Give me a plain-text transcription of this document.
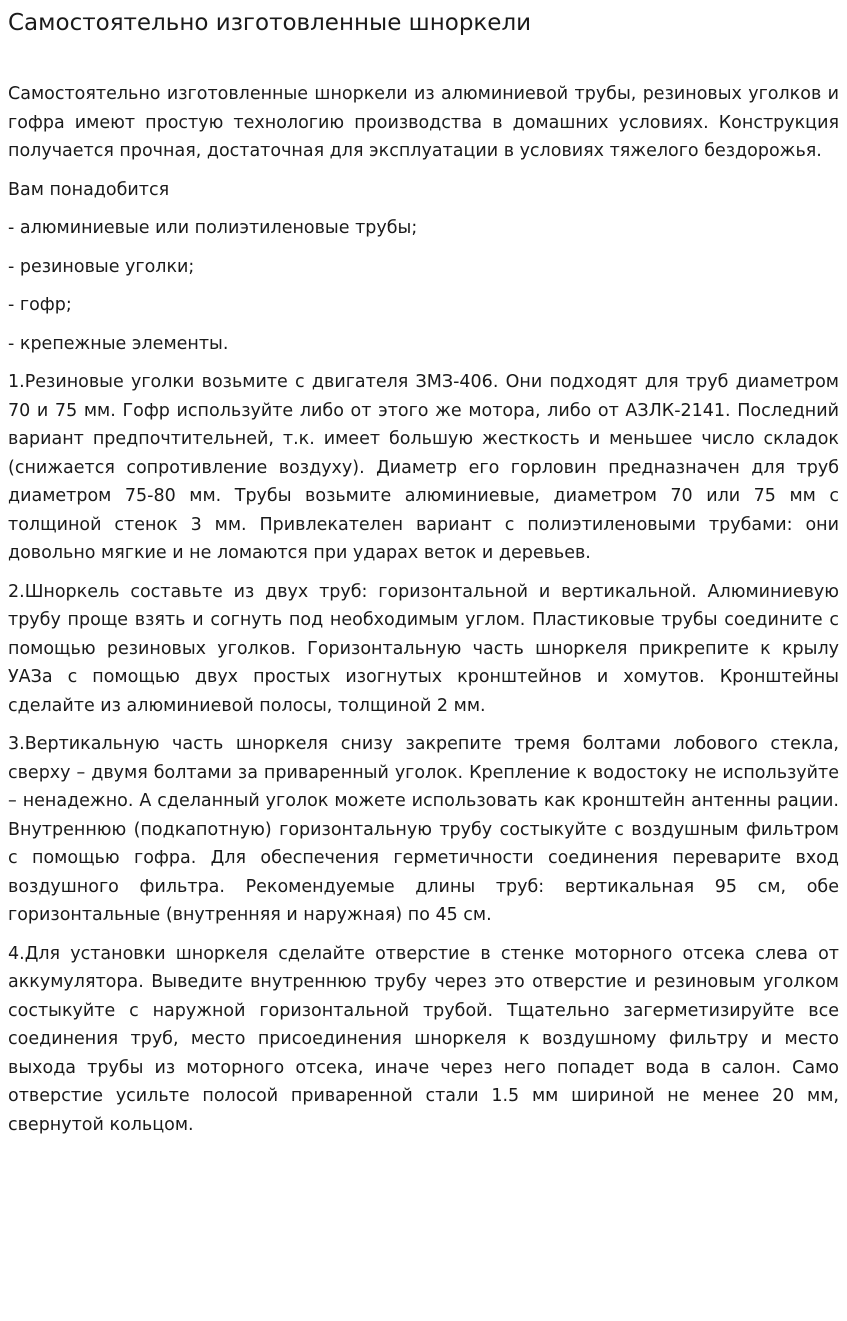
Самостоятельно изготовленные шноркели

Самостоятельно изготовленные шноркели из алюминиевой трубы, резиновых уголков и гофра имеют простую технологию производства в домашних условиях. Конструкция получается прочная, достаточная для эксплуатации в условиях тяжелого бездорожья.

Вам понадобится

- алюминиевые или полиэтиленовые трубы;

- резиновые уголки;

- гофр;

- крепежные элементы.

1.Резиновые уголки возьмите с двигателя ЗМЗ-406. Они подходят для труб диаметром 70 и 75 мм. Гофр используйте либо от этого же мотора, либо от АЗЛК-2141. Последний вариант предпочтительней, т.к. имеет большую жесткость и меньшее число складок (снижается сопротивление воздуху). Диаметр его горловин предназначен для труб диаметром 75-80 мм. Трубы возьмите алюминиевые, диаметром 70 или 75 мм с толщиной стенок 3 мм. Привлекателен вариант с полиэтиленовыми трубами: они довольно мягкие и не ломаются при ударах веток и деревьев.

2.Шноркель составьте из двух труб: горизонтальной и вертикальной. Алюминиевую трубу проще взять и согнуть под необходимым углом. Пластиковые трубы соедините с помощью резиновых уголков. Горизонтальную часть шноркеля прикрепите к крылу УАЗа с помощью двух простых изогнутых кронштейнов и хомутов. Кронштейны сделайте из алюминиевой полосы, толщиной 2 мм.

3.Вертикальную часть шноркеля снизу закрепите тремя болтами лобового стекла, сверху – двумя болтами за приваренный уголок. Крепление к водостоку не используйте – ненадежно. А сделанный уголок можете использовать как кронштейн антенны рации. Внутреннюю (подкапотную) горизонтальную трубу состыкуйте с воздушным фильтром с помощью гофра. Для обеспечения герметичности соединения переварите вход воздушного фильтра. Рекомендуемые длины труб: вертикальная 95 см, обе горизонтальные (внутренняя и наружная) по 45 см.

4.Для установки шноркеля сделайте отверстие в стенке моторного отсека слева от аккумулятора. Выведите внутреннюю трубу через это отверстие и резиновым уголком состыкуйте с наружной горизонтальной трубой. Тщательно загерметизируйте все соединения труб, место присоединения шноркеля к воздушному фильтру и место выхода трубы из моторного отсека, иначе через него попадет вода в салон. Само отверстие усильте полосой приваренной стали 1.5 мм шириной не менее 20 мм, свернутой кольцом.
